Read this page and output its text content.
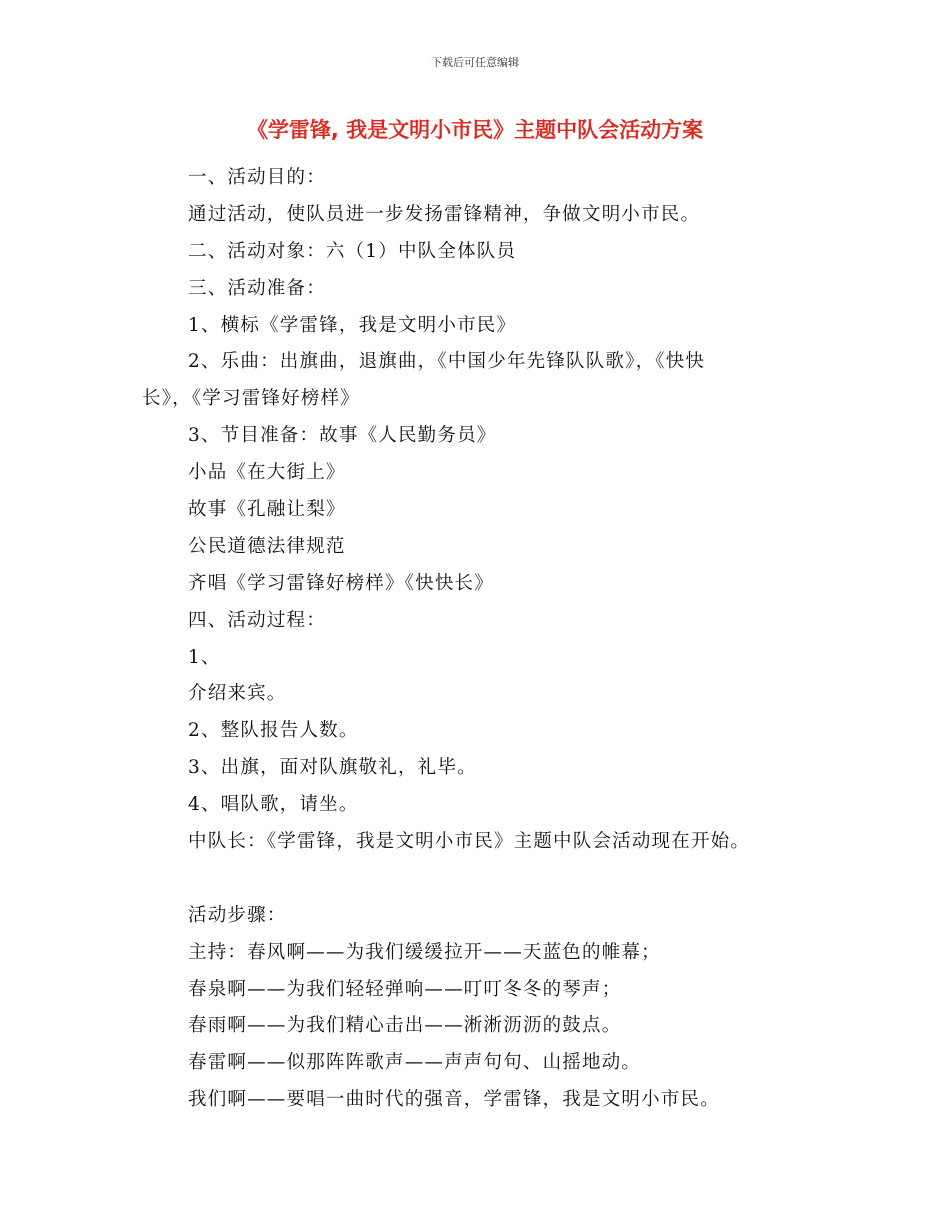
下载后可任意编辑
《学雷锋, 我是文明小市民》主题中队会活动方案
一、活动目的：
通过活动，使队员进一步发扬雷锋精神，争做文明小市民。
二、活动对象：六（1）中队全体队员
三、活动准备：
1、横标《学雷锋，我是文明小市民》
2、乐曲：出旗曲，退旗曲，《中国少年先锋队队歌》，《快快
长》，《学习雷锋好榜样》
3、节目准备：故事《人民勤务员》
小品《在大街上》
故事《孔融让梨》
公民道德法律规范
齐唱《学习雷锋好榜样》《快快长》
四、活动过程：
1、
介绍来宾。
2、整队报告人数。
3、出旗，面对队旗敬礼，礼毕。
4、唱队歌，请坐。
中队长：《学雷锋，我是文明小市民》主题中队会活动现在开始。
活动步骤：
主持：春风啊——为我们缓缓拉开——天蓝色的帷幕；
春泉啊——为我们轻轻弹响——叮叮冬冬的琴声；
春雨啊——为我们精心击出——淅淅沥沥的鼓点。
春雷啊——似那阵阵歌声——声声句句、山摇地动。
我们啊——要唱一曲时代的强音，学雷锋，我是文明小市民。
